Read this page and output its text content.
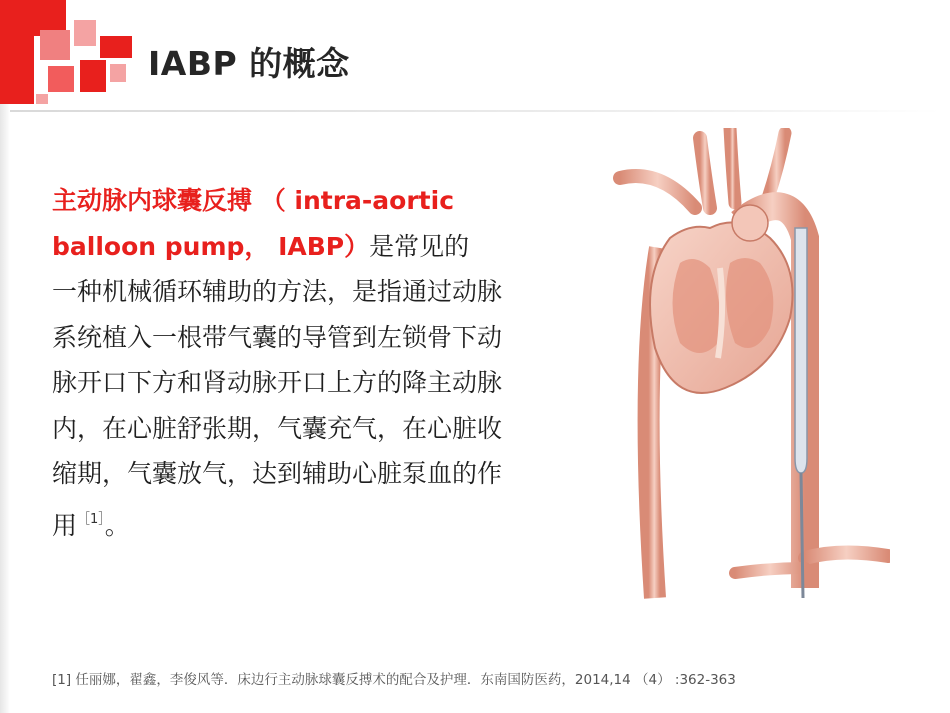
IABP 的概念
主动脉内球囊反搏 （ intra-aortic
balloon pump， IABP）是常见的
一种机械循环辅助的方法，是指通过动脉
系统植入一根带气囊的导管到左锁骨下动
脉开口下方和肾动脉开口上方的降主动脉
内，在心脏舒张期，气囊充气，在心脏收
缩期，气囊放气，达到辅助心脏泵血的作
用$^{[1]}$。
[1] 任丽娜，翟鑫，李俊风等．床边行主动脉球囊反搏术的配合及护理．东南国防医药，2014,14 （4） :362-363
